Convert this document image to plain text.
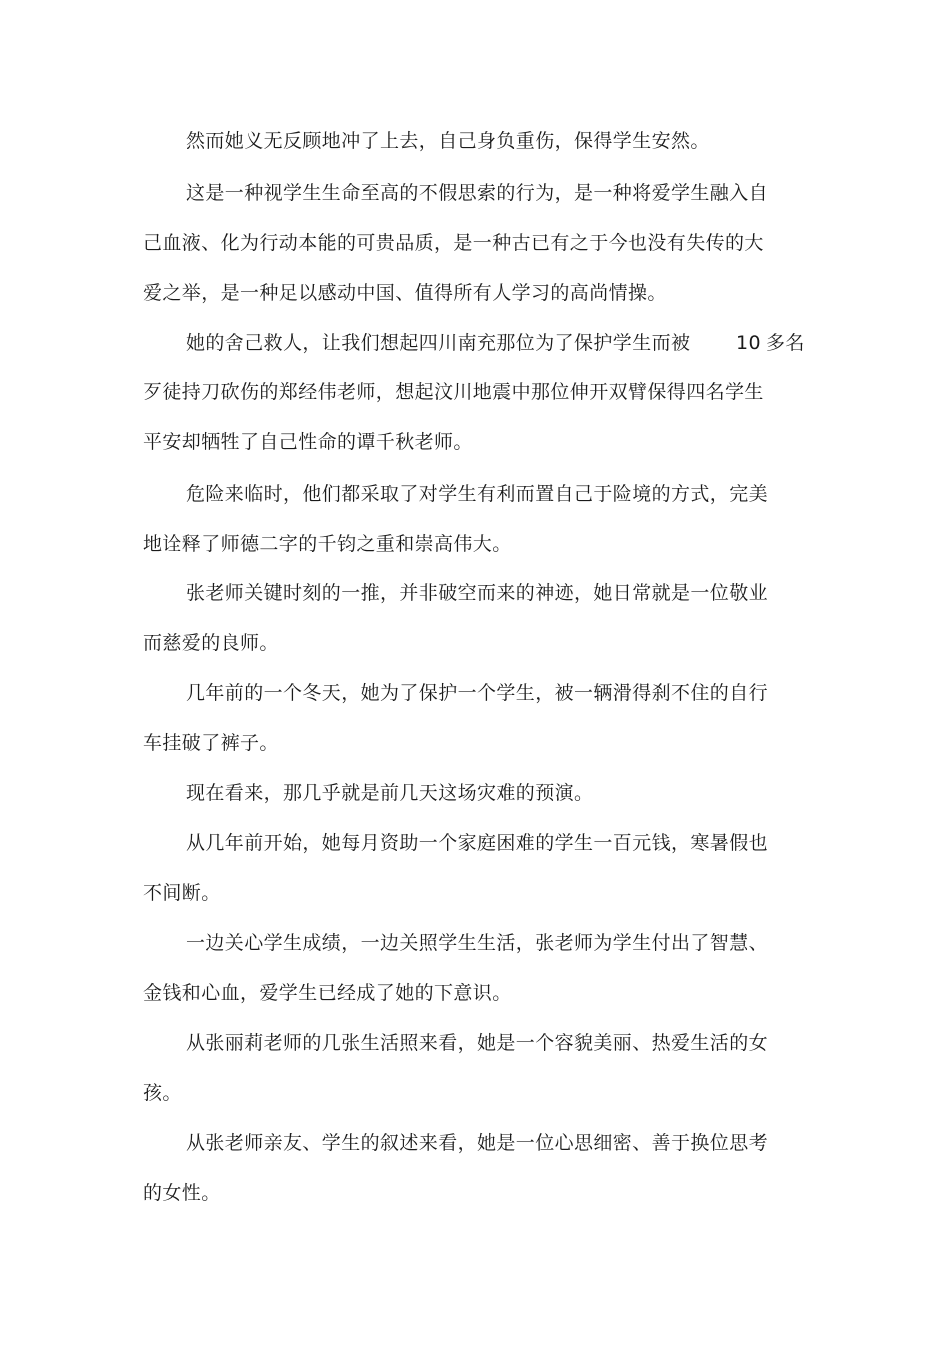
然而她义无反顾地冲了上去，自己身负重伤，保得学生安然。
这是一种视学生生命至高的不假思索的行为，是一种将爱学生融入自
己血液、化为行动本能的可贵品质，是一种古已有之于今也没有失传的大
爱之举，是一种足以感动中国、值得所有人学习的高尚情操。
她的舍己救人，让我们想起四川南充那位为了保护学生而被 10 多名
歹徒持刀砍伤的郑经伟老师，想起汶川地震中那位伸开双臂保得四名学生
平安却牺牲了自己性命的谭千秋老师。
危险来临时，他们都采取了对学生有利而置自己于险境的方式，完美
地诠释了师德二字的千钧之重和崇高伟大。
张老师关键时刻的一推，并非破空而来的神迹，她日常就是一位敬业
而慈爱的良师。
几年前的一个冬天，她为了保护一个学生，被一辆滑得刹不住的自行
车挂破了裤子。
现在看来，那几乎就是前几天这场灾难的预演。
从几年前开始，她每月资助一个家庭困难的学生一百元钱，寒暑假也
不间断。
一边关心学生成绩，一边关照学生生活，张老师为学生付出了智慧、
金钱和心血，爱学生已经成了她的下意识。
从张丽莉老师的几张生活照来看，她是一个容貌美丽、热爱生活的女
孩。
从张老师亲友、学生的叙述来看，她是一位心思细密、善于换位思考
的女性。
